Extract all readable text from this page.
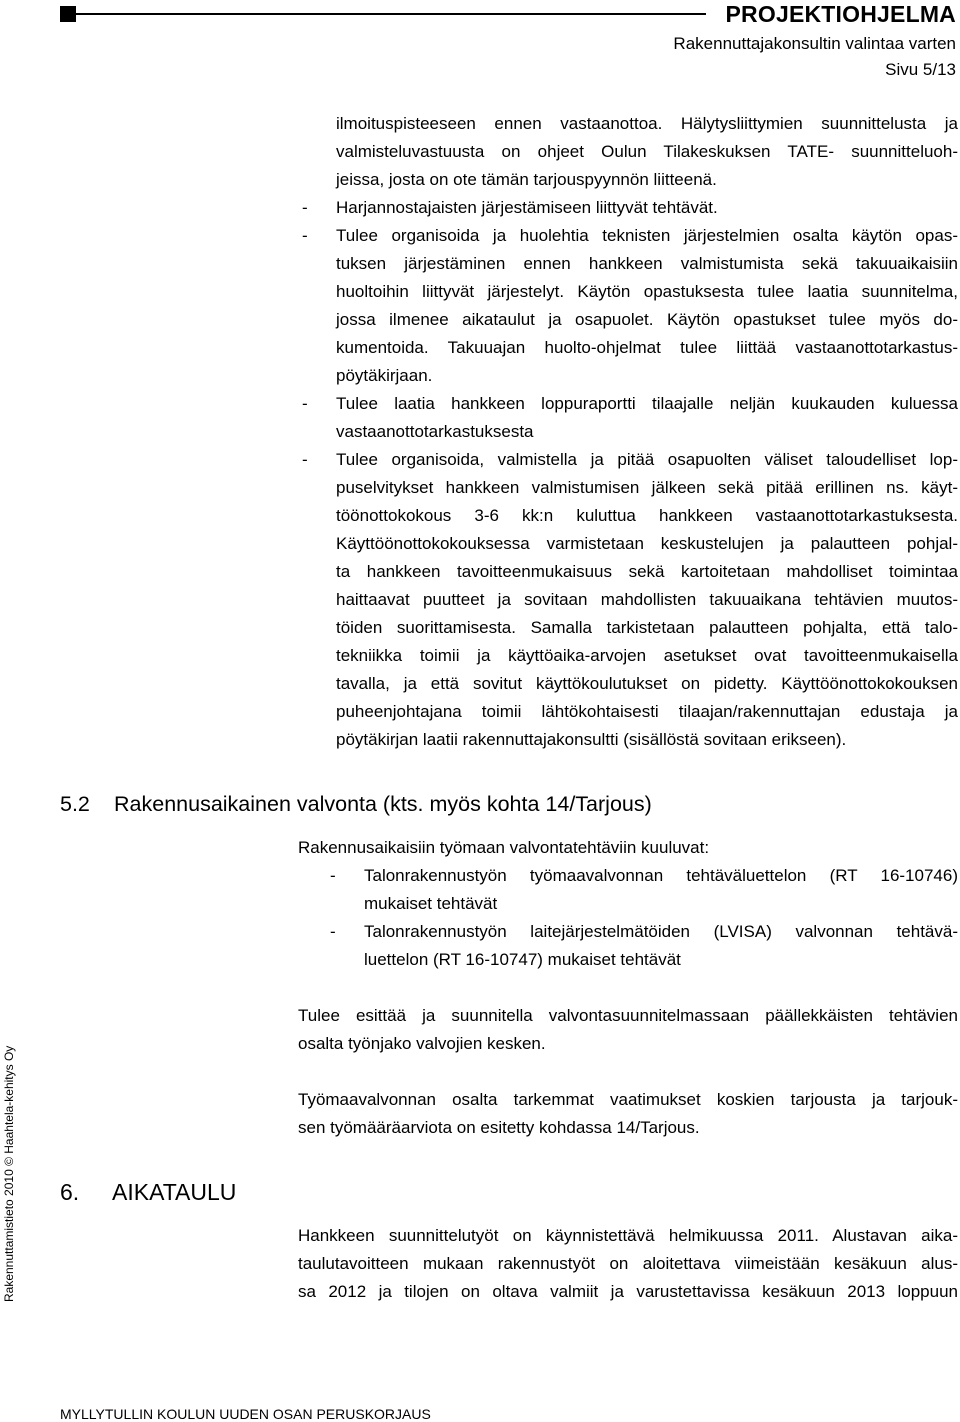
PROJEKTIOHJELMA
Rakennuttajakonsultin valintaa varten
Sivu 5/13
ilmoituspisteeseen ennen vastaanottoa. Hälytysliittymien suunnittelusta ja
valmisteluvastuusta on ohjeet Oulun Tilakeskuksen TATE- suunnitteluoh-
jeissa, josta on ote tämän tarjouspyynnön liitteenä.
- Harjannostajaisten järjestämiseen liittyvät tehtävät.
- Tulee organisoida ja huolehtia teknisten järjestelmien osalta käytön opas-
tuksen järjestäminen ennen hankkeen valmistumista sekä takuuaikaisiin
huoltoihin liittyvät järjestelyt. Käytön opastuksesta tulee laatia suunnitelma,
jossa ilmenee aikataulut ja osapuolet. Käytön opastukset tulee myös do-
kumentoida. Takuuajan huolto-ohjelmat tulee liittää vastaanottotarkastus-
pöytäkirjaan.
- Tulee laatia hankkeen loppuraportti tilaajalle neljän kuukauden kuluessa
vastaanottotarkastuksesta
- Tulee organisoida, valmistella ja pitää osapuolten väliset taloudelliset lop-
puselvitykset hankkeen valmistumisen jälkeen sekä pitää erillinen ns. käyt-
töönottokokous 3-6 kk:n kuluttua hankkeen vastaanottotarkastuksesta.
Käyttöönottokokouksessa varmistetaan keskustelujen ja palautteen pohjal-
ta hankkeen tavoitteenmukaisuus sekä kartoitetaan mahdolliset toimintaa
haittaavat puutteet ja sovitaan mahdollisten takuuaikana tehtävien muutos-
töiden suorittamisesta. Samalla tarkistetaan palautteen pohjalta, että talo-
tekniikka toimii ja käyttöaika-arvojen asetukset ovat tavoitteenmukaisella
tavalla, ja että sovitut käyttökoulutukset on pidetty. Käyttöönottokokouksen
puheenjohtajana toimii lähtökohtaisesti tilaajan/rakennuttajan edustaja ja
pöytäkirjan laatii rakennuttajakonsultti (sisällöstä sovitaan erikseen).
5.2 Rakennusaikainen valvonta (kts. myös kohta 14/Tarjous)
Rakennusaikaisiin työmaan valvontatehtäviin kuuluvat:
- Talonrakennustyön työmaavalvonnan tehtäväluettelon (RT 16-10746)
mukaiset tehtävät
- Talonrakennustyön laitejärjestelmätöiden (LVISA) valvonnan tehtävä-
luettelon (RT 16-10747) mukaiset tehtävät
Tulee esittää ja suunnitella valvontasuunnitelmassaan päällekkäisten tehtävien
osalta työnjako valvojien kesken.
Työmaavalvonnan osalta tarkemmat vaatimukset koskien tarjousta ja tarjouk-
sen työmääräarviota on esitetty kohdassa 14/Tarjous.
6. AIKATAULU
Hankkeen suunnittelutyöt on käynnistettävä helmikuussa 2011. Alustavan aika-
taulutavoitteen mukaan rakennustyöt on aloitettava viimeistään kesäkuun alus-
sa 2012 ja tilojen on oltava valmiit ja varustettavissa kesäkuun 2013 loppuun
Rakennuttamistieto 2010 © Haahtela-kehitys Oy
MYLLYTULLIN KOULUN UUDEN OSAN PERUSKORJAUS
